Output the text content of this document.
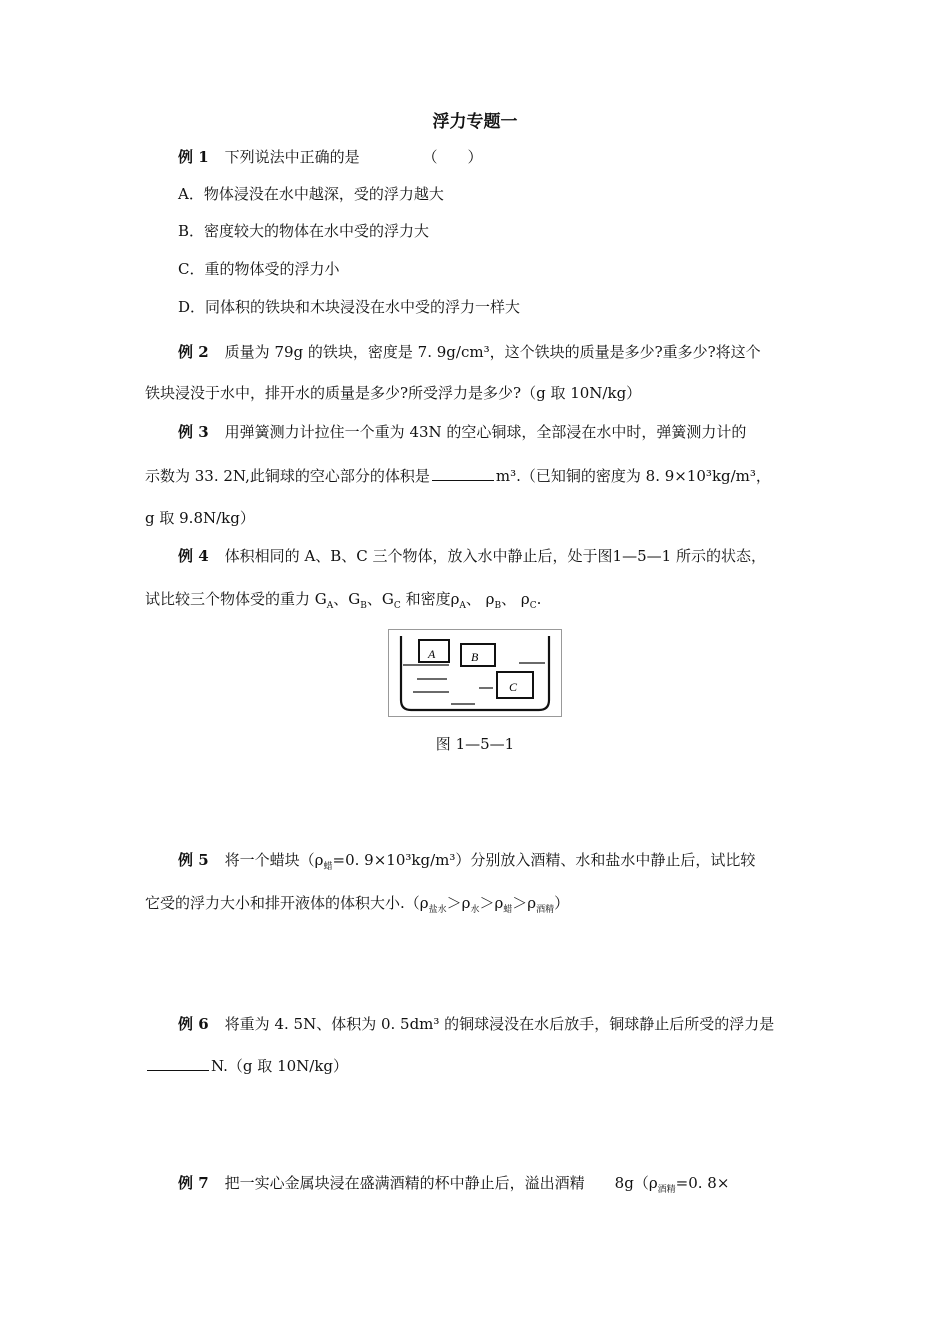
浮力专题一
例 1 下列说法中正确的是	（　　）
A．物体浸没在水中越深，受的浮力越大
B．密度较大的物体在水中受的浮力大
C．重的物体受的浮力小
D．同体积的铁块和木块浸没在水中受的浮力一样大
例 2 质量为 79g 的铁块，密度是 7. 9g/cm³，这个铁块的质量是多少?重多少?将这个
铁块浸没于水中，排开水的质量是多少?所受浮力是多少?（g 取 10N/kg）
例 3 用弹簧测力计拉住一个重为 43N 的空心铜球，全部浸在水中时，弹簧测力计的
示数为 33. 2N,此铜球的空心部分的体积是	m³.（已知铜的密度为 8. 9×10³kg/m³，
g 取 9.8N/kg）
例 4 体积相同的 A、B、C 三个物体，放入水中静止后，处于图1—5—1 所示的状态，
试比较三个物体受的重力 $G_A$、$G_B$、$G_C$ 和密度$\rho_A$、 $\rho_B$、 $\rho_C$.
A	B
C
图 1—5—1
例 5 将一个蜡块（$\rho_蜡=0$. 9×10³kg/m³）分别放入酒精、水和盐水中静止后，试比较
它受的浮力大小和排开液体的体积大小$.(\rho_{盐水}>\rho_水>\rho_蜡>\rho_{酒精})$
例 6 将重为 4. 5N、体积为 0. 5dm³ 的铜球浸没在水后放手，铜球静止后所受的浮力是
N.（g 取 10N/kg）
例 7 把一实心金属块浸在盛满酒精的杯中静止后，溢出酒精　　$8g(\rho_{酒精}=0$. 8×
